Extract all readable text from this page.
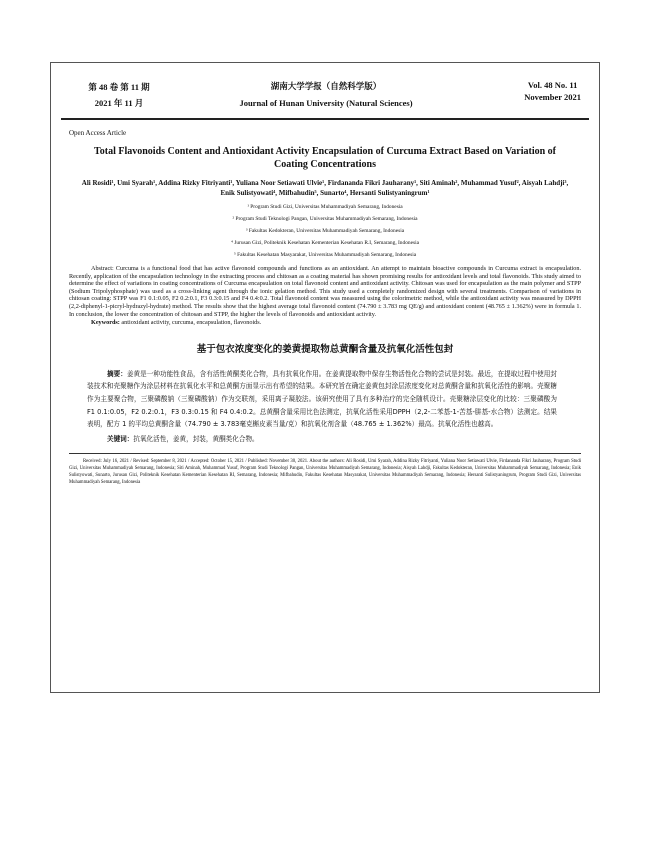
第 48 卷 第 11 期
2021 年 11 月
湖南大学学报（自然科学版）
Journal of Hunan University (Natural Sciences)
Vol. 48 No. 11
November 2021
Open Access Article
Total Flavonoids Content and Antioxidant Activity Encapsulation of Curcuma Extract Based on Variation of Coating Concentrations
Ali Rosidi¹, Umi Syarah¹, Addina Rizky Fitriyanti¹, Yuliana Noor Setiawati Ulvie¹, Firdananda Fikri Jauharany¹, Siti Aminah², Muhammad Yusuf², Aisyah Lahdji³, Enik Sulistyowati⁴, Mifbahudin⁵, Sunarto⁴, Hersanti Sulistyaningrum¹
¹ Program Studi Gizi, Universitas Muhammadiyah Semarang, Indonesia
² Program Studi Teknologi Pangan, Universitas Muhammadiyah Semarang, Indonesia
³ Fakultas Kedokteran, Universitas Muhammadiyah Semarang, Indonesia
⁴ Jurusan Gizi, Politeknik Kesehatan Kementerian Kesehatan R.I, Semarang, Indonesia
⁵ Fakultas Kesehatan Masyarakat, Universitas Muhammadiyah Semarang, Indonesia
Abstract: Curcuma is a functional food that has active flavonoid compounds and functions as an antioxidant. An attempt to maintain bioactive compounds in Curcuma extract is encapsulation. Recently, application of the encapsulation technology in the extracting process and chitosan as a coating material has shown promising results for antioxidant levels and total flavonoids. This study aimed to determine the effect of variations in coating concentrations of Curcuma encapsulation on total flavonoid content and antioxidant activity. Chitosan was used for encapsulation as the main polymer and STPP (Sodium Tripolyphosphate) was used as a cross-linking agent through the ionic gelation method. This study used a completely randomized design with several treatments. Comparison of variations in chitosan coating: STPP was F1 0.1:0.05, F2 0.2:0.1, F3 0.3:0.15 and F4 0.4:0.2. Total flavonoid content was measured using the colorimetric method, while the antioxidant activity was measured by DPPH (2,2-diphenyl-1-picryl-hydrazyl-hydrate) method. The results show that the highest average total flavonoid content (74.790 ± 3.783 mg QE/g) and antioxidant content (48.765 ± 1.362%) were in formula 1. In conclusion, the lower the concentration of chitosan and STPP, the higher the levels of flavonoids and antioxidant activity.
Keywords: antioxidant activity, curcuma, encapsulation, flavonoids.
基于包衣浓度变化的姜黄提取物总黄酮含量及抗氧化活性包封
摘要：姜黄是一种功能性食品，含有活性黄酮类化合物，具有抗氧化作用。在姜黄提取物中保存生物活性化合物的尝试是封装。最近，在提取过程中使用封装技术和壳聚糖作为涂层材料在抗氧化水平和总黄酮方面显示出有希望的结果。本研究旨在确定姜黄包封涂层浓度变化对总黄酮含量和抗氧化活性的影响。壳聚糖作为主要聚合物，三聚磷酸钠（三聚磷酸钠）作为交联剂，采用离子凝胶法。该研究使用了具有多种治疗的完全随机设计。壳聚糖涂层变化的比较：三聚磷酸为 F1 0.1:0.05，F2 0.2:0.1，F3 0.3:0.15 和 F4 0.4:0.2。总黄酮含量采用比色法测定，抗氧化活性采用DPPH（2,2-二苯基-1-苦基-肼基-水合物）法测定。结果表明，配方 1 的平均总黄酮含量（74.790 ± 3.783毫克槲皮素当量/克）和抗氧化剂含量（48.765 ± 1.362%）最高。抗氧化活性也越高。
关键词：抗氧化活性，姜黄，封装，黄酮类化合物。
Received: July 16, 2021 / Revised: September 8, 2021 / Accepted: October 15, 2021 / Published: November 30, 2021. About the authors: Ali Rosidi, Umi Syarah, Addina Rizky Fitriyanti, Yuliana Noor Setiawati Ulvie, Firdananda Fikri Jauharany, Program Studi Gizi, Universitas Muhammadiyah Semarang, Indonesia; Siti Aminah, Muhammad Yusuf, Program Studi Teknologi Pangan, Universitas Muhammadiyah Semarang, Indonesia; Aisyah Lahdji, Fakultas Kedokteran, Universitas Muhammadiyah Semarang, Indonesia; Enik Sulistyowati, Sunarto, Jurusan Gizi, Politeknik Kesehatan Kementerian Kesehatan RI, Semarang, Indonesia; Mifbahudin, Fakultas Kesehatan Masyarakat, Universitas Muhammadiyah Semarang, Indonesia; Hersanti Sulistyaningrum, Program Studi Gizi, Universitas Muhammadiyah Semarang, Indonesia
